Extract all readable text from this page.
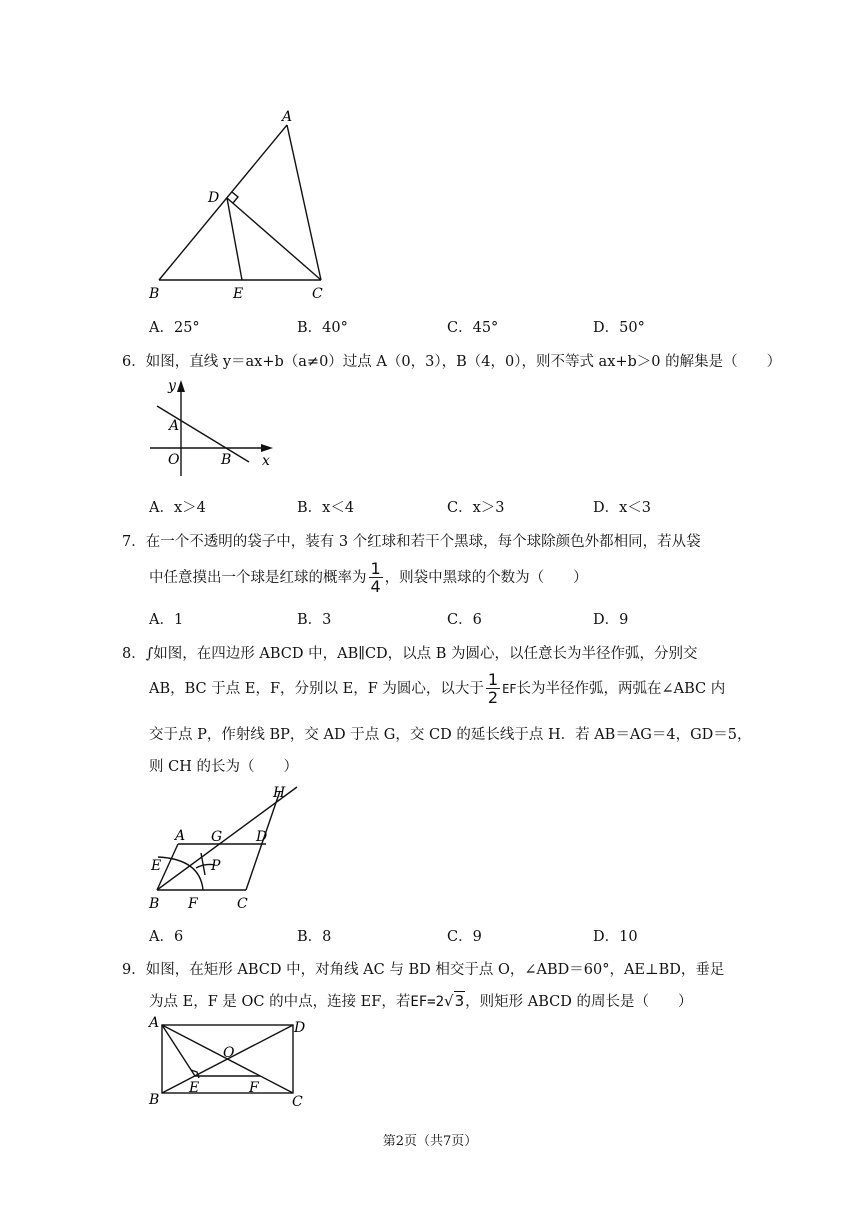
A
D
B	E	C
A．25°	B．40°	C．45°	D．50°
6．如图，直线 y＝ax+b（a≠0）过点 A（0，3），B（4，0），则不等式 ax+b＞0 的解集是（　　）
y
A
O	B x
A．x＞4	B．x＜4	C．x＞3	D．x＜3
7．在一个不透明的袋子中，装有 3 个红球和若干个黑球，每个球除颜色外都相同，若从袋
中任意摸出一个球是红球的概率为 $\frac{1}{4}$ ，则袋中黑球的个数为（　　）
A．1	B．3	C．6	D．9
8．∫如图，在四边形 ABCD 中，AB∥CD，以点 B 为圆心，以任意长为半径作弧，分别交
AB，BC 于点 E，F，分别以 E，F 为圆心，以大于 $\frac{1}{2}$ EF长为半径作弧，两弧在∠ABC 内
交于点 P，作射线 BP，交 AD 于点 G，交 CD 的延长线于点 H．若 AB＝AG＝4，GD＝5，
则 CH 的长为（　　）
H
A G D
E	P
B F	C
A．6	B．8	C．9	D．10
9．如图，在矩形 ABCD 中，对角线 AC 与 BD 相交于点 O，∠ABD＝60°，AE⊥BD，垂足
为点 E，F 是 OC 的中点，连接 EF，若EF=2√3，则矩形 ABCD 的周长是（　　）
A	D
O
B
E	F
C
第2页（共7页）
